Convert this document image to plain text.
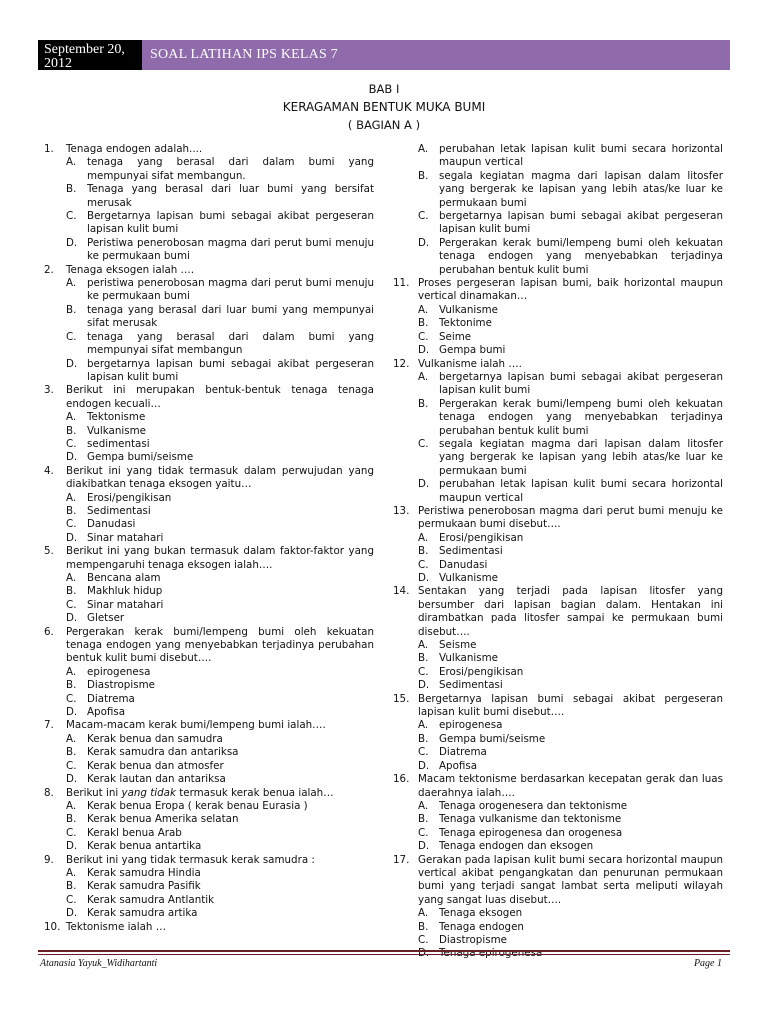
September 20, 2012
SOAL LATIHAN IPS KELAS 7
BAB I
KERAGAMAN BENTUK MUKA BUMI
( BAGIAN A )
1.	Tenaga endogen adalah....
A.	tenaga yang berasal dari dalam bumi yang mempunyai sifat membangun.
B.	Tenaga yang berasal dari luar bumi yang bersifat merusak
C.	Bergetarnya lapisan bumi sebagai akibat pergeseran lapisan kulit bumi
D. Peristiwa penerobosan magma dari perut bumi menuju ke permukaan bumi
2.	Tenaga eksogen ialah .…
A.	peristiwa penerobosan magma dari perut bumi menuju ke permukaan bumi
B.	tenaga yang berasal dari luar bumi yang mempunyai sifat merusak
C.	tenaga yang berasal dari dalam bumi yang mempunyai sifat membangun
D. bergetarnya lapisan bumi sebagai akibat pergeseran lapisan kulit bumi
3.	Berikut ini merupakan bentuk-bentuk tenaga tenaga endogen kecuali…
A.	Tektonisme
B.	Vulkanisme
C.	sedimentasi
D. Gempa bumi/seisme
4.	Berikut ini yang tidak termasuk dalam perwujudan yang diakibatkan tenaga eksogen yaitu…
A.	Erosi/pengikisan
B.	Sedimentasi
C.	Danudasi
D. Sinar matahari
5.	Berikut ini yang bukan termasuk dalam faktor-faktor yang mempengaruhi tenaga eksogen ialah….
A.	Bencana alam
B.	Makhluk hidup
C.	Sinar matahari
D. Gletser
6.	Pergerakan kerak bumi/lempeng bumi oleh kekuatan tenaga endogen yang menyebabkan terjadinya perubahan bentuk kulit bumi disebut….
A.	epirogenesa
B.	Diastropisme
C.	Diatrema
D. Apofisa
7.	Macam-macam kerak bumi/lempeng bumi ialah….
A.	Kerak benua dan samudra
B.	Kerak samudra dan antariksa
C.	Kerak benua dan atmosfer
D. Kerak lautan dan antariksa
8.	Berikut ini yang tidak termasuk kerak benua ialah…
A.	Kerak benua Eropa ( kerak benau Eurasia )
B.	Kerak benua Amerika selatan
C.	Kerakl benua Arab
D. Kerak benua antartika
9.	Berikut ini yang tidak termasuk kerak samudra :
A.	Kerak samudra Hindia
B.	Kerak samudra Pasifik
C.	Kerak samudra Antlantik
D. Kerak samudra artika
10. Tektonisme ialah …
A.	perubahan letak lapisan kulit bumi secara horizontal maupun vertical
B.	segala kegiatan magma dari lapisan dalam litosfer yang bergerak ke lapisan yang lebih atas/ke luar ke permukaan bumi
C.	bergetarnya lapisan bumi sebagai akibat pergeseran lapisan kulit bumi
D. Pergerakan kerak bumi/lempeng bumi oleh kekuatan tenaga endogen yang menyebabkan terjadinya perubahan bentuk kulit bumi
11. Proses pergeseran lapisan bumi, baik horizontal maupun vertical dinamakan…
A.	Vulkanisme
B.	Tektonime
C.	Seime
D. Gempa bumi
12. Vulkanisme ialah ….
A.	bergetarnya lapisan bumi sebagai akibat pergeseran lapisan kulit bumi
B.	Pergerakan kerak bumi/lempeng bumi oleh kekuatan tenaga endogen yang menyebabkan terjadinya perubahan bentuk kulit bumi
C.	segala kegiatan magma dari lapisan dalam litosfer yang bergerak ke lapisan yang lebih atas/ke luar ke permukaan bumi
D. perubahan letak lapisan kulit bumi secara horizontal maupun vertical
13. Peristiwa penerobosan magma dari perut bumi menuju ke permukaan bumi disebut….
A.	Erosi/pengikisan
B.	Sedimentasi
C.	Danudasi
D. Vulkanisme
14. Sentakan yang terjadi pada lapisan litosfer yang bersumber dari lapisan bagian dalam. Hentakan ini dirambatkan pada litosfer sampai ke permukaan bumi disebut….
A.	Seisme
B.	Vulkanisme
C.	Erosi/pengikisan
D. Sedimentasi
15. Bergetarnya lapisan bumi sebagai akibat pergeseran lapisan kulit bumi disebut….
A.	epirogenesa
B.	Gempa bumi/seisme
C.	Diatrema
D. Apofisa
16. Macam tektonisme berdasarkan kecepatan gerak dan luas daerahnya ialah….
A.	Tenaga orogenesera dan tektonisme
B.	Tenaga vulkanisme dan tektonisme
C.	Tenaga epirogenesa dan orogenesa
D. Tenaga endogen dan eksogen
17. Gerakan pada lapisan kulit bumi secara horizontal maupun vertical akibat pengangkatan dan penurunan permukaan bumi yang terjadi sangat lambat serta meliputi wilayah yang sangat luas disebut….
A.	Tenaga eksogen
B.	Tenaga endogen
C.	Diastropisme
Atanasia Yayuk_Widihartanti	Page 1
